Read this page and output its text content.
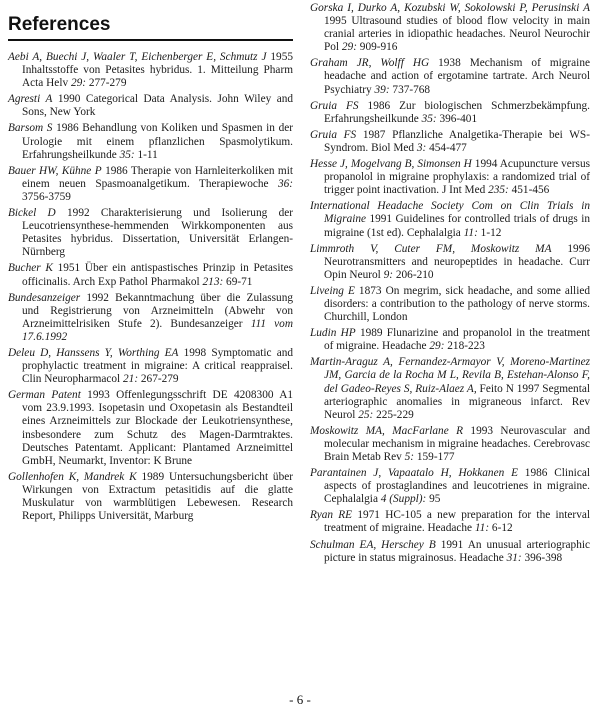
References

Aebi A, Buechi J, Waaler T, Eichenberger E, Schmutz J 1955 Inhaltsstoffe von Petasites hybridus. 1. Mitteilung Pharm Acta Helv 29: 277-279

Agresti A 1990 Categorical Data Analysis. John Wiley and Sons, New York

Barsom S 1986 Behandlung von Koliken und Spasmen in der Urologie mit einem pflanzlichen Spasmolytikum. Erfahrungsheilkunde 35: 1-11

Bauer HW, Kühne P 1986 Therapie von Harnleiterkoliken mit einem neuen Spasmoanalgetikum. Therapiewoche 36: 3756-3759

Bickel D 1992 Charakterisierung und Isolierung der Leucotriensynthese-hemmenden Wirkkomponenten aus Petasites hybridus. Dissertation, Universität Erlangen-Nürnberg

Bucher K 1951 Über ein antispastisches Prinzip in Petasites officinalis. Arch Exp Pathol Pharmakol 213: 69-71

Bundesanzeiger 1992 Bekanntmachung über die Zulassung und Registrierung von Arzneimitteln (Abwehr von Arzneimittelrisiken Stufe 2). Bundesanzeiger 111 vom 17.6.1992

Deleu D, Hanssens Y, Worthing EA 1998 Symptomatic and prophylactic treatment in migraine: A critical reappraisel. Clin Neuropharmacol 21: 267-279

German Patent 1993 Offenlegungsschrift DE 4208300 A1 vom 23.9.1993. Isopetasin und Oxopetasin als Bestandteil eines Arzneimittels zur Blockade der Leukotriensynthese, insbesondere zum Schutz des Magen-Darmtraktes. Deutsches Patentamt. Applicant: Plantamed Arzneimittel GmbH, Neumarkt, Inventor: K Brune

Gollenhofen K, Mandrek K 1989 Untersuchungsbericht über Wirkungen von Extractum petasitidis auf die glatte Muskulatur von warmblütigen Lebewesen. Research Report, Philipps Universität, Marburg

Gorska I, Durko A, Kozubski W, Sokolowski P, Perusinski A 1995 Ultrasound studies of blood flow velocity in main cranial arteries in idiopathic headaches. Neurol Neurochir Pol 29: 909-916

Graham JR, Wolff HG 1938 Mechanism of migraine headache and action of ergotamine tartrate. Arch Neurol Psychiatry 39: 737-768

Gruia FS 1986 Zur biologischen Schmerzbekämpfung. Erfahrungsheilkunde 35: 396-401

Gruia FS 1987 Pflanzliche Analgetika-Therapie bei WS-Syndrom. Biol Med 3: 454-477

Hesse J, Mogelvang B, Simonsen H 1994 Acupuncture versus propanolol in migraine prophylaxis: a randomized trial of trigger point inactivation. J Int Med 235: 451-456

International Headache Society Com on Clin Trials in Migraine 1991 Guidelines for controlled trials of drugs in migraine (1st ed). Cephalalgia 11: 1-12

Limmroth V, Cuter FM, Moskowitz MA 1996 Neurotransmitters and neuropeptides in headache. Curr Opin Neurol 9: 206-210

Liveing E 1873 On megrim, sick headache, and some allied disorders: a contribution to the pathology of nerve storms. Churchill, London

Ludin HP 1989 Flunarizine and propanolol in the treatment of migraine. Headache 29: 218-223

Martin-Araguz A, Fernandez-Armayor V, Moreno-Martinez JM, Garcia de la Rocha M L, Revila B, Estehan-Alonso F, del Gadeo-Reyes S, Ruiz-Alaez A, Feito N 1997 Segmental arteriographic anomalies in migraneous infarct. Rev Neurol 25: 225-229

Moskowitz MA, MacFarlane R 1993 Neurovascular and molecular mechanism in migraine headaches. Cerebrovasc Brain Metab Rev 5: 159-177

Parantainen J, Vapaatalo H, Hokkanen E 1986 Clinical aspects of prostaglandines and leucotrienes in migraine. Cephalalgia 4 (Suppl): 95

Ryan RE 1971 HC-105 a new preparation for the interval treatment of migraine. Headache 11: 6-12

Schulman EA, Herschey B 1991 An unusual arteriographic picture in status migrainosus. Headache 31: 396-398

- 6 -
